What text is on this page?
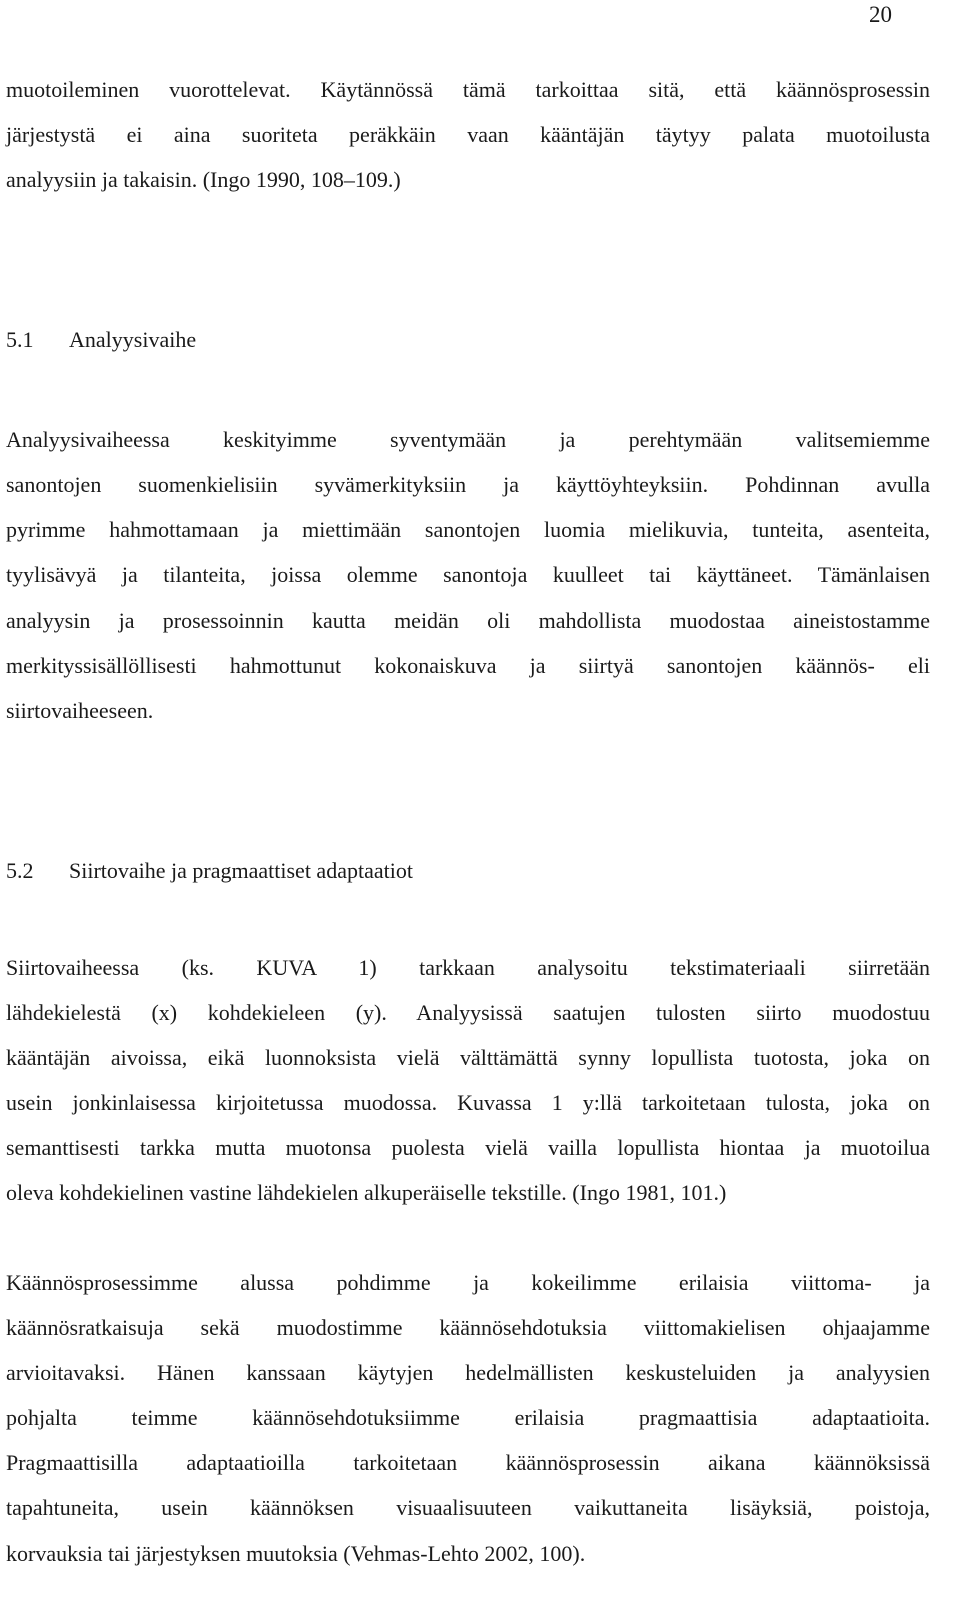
20
muotoileminen vuorottelevat. Käytännössä tämä tarkoittaa sitä, että käännösprosessin
järjestystä ei aina suoriteta peräkkäin vaan kääntäjän täytyy palata muotoilusta
analyysiin ja takaisin. (Ingo 1990, 108–109.)
5.1 Analyysivaihe
Analyysivaiheessa keskityimme syventymään ja perehtymään valitsemiemme
sanontojen suomenkielisiin syvämerkityksiin ja käyttöyhteyksiin. Pohdinnan avulla
pyrimme hahmottamaan ja miettimään sanontojen luomia mielikuvia, tunteita, asenteita,
tyylisävyä ja tilanteita, joissa olemme sanontoja kuulleet tai käyttäneet. Tämänlaisen
analyysin ja prosessoinnin kautta meidän oli mahdollista muodostaa aineistostamme
merkityssisällöllisesti hahmottunut kokonaiskuva ja siirtyä sanontojen käännös- eli
siirtovaiheeseen.
5.2 Siirtovaihe ja pragmaattiset adaptaatiot
Siirtovaiheessa (ks. KUVA 1) tarkkaan analysoitu tekstimateriaali siirretään
lähdekielestä (x) kohdekieleen (y). Analyysissä saatujen tulosten siirto muodostuu
kääntäjän aivoissa, eikä luonnoksista vielä välttämättä synny lopullista tuotosta, joka on
usein jonkinlaisessa kirjoitetussa muodossa. Kuvassa 1 y:llä tarkoitetaan tulosta, joka on
semanttisesti tarkka mutta muotonsa puolesta vielä vailla lopullista hiontaa ja muotoilua
oleva kohdekielinen vastine lähdekielen alkuperäiselle tekstille. (Ingo 1981, 101.)
Käännösprosessimme alussa pohdimme ja kokeilimme erilaisia viittoma- ja
käännösratkaisuja sekä muodostimme käännösehdotuksia viittomakielisen ohjaajamme
arvioitavaksi. Hänen kanssaan käytyjen hedelmällisten keskusteluiden ja analyysien
pohjalta teimme käännösehdotuksiimme erilaisia pragmaattisia adaptaatioita.
Pragmaattisilla adaptaatioilla tarkoitetaan käännösprosessin aikana käännöksissä
tapahtuneita, usein käännöksen visuaalisuuteen vaikuttaneita lisäyksiä, poistoja,
korvauksia tai järjestyksen muutoksia (Vehmas-Lehto 2002, 100).
